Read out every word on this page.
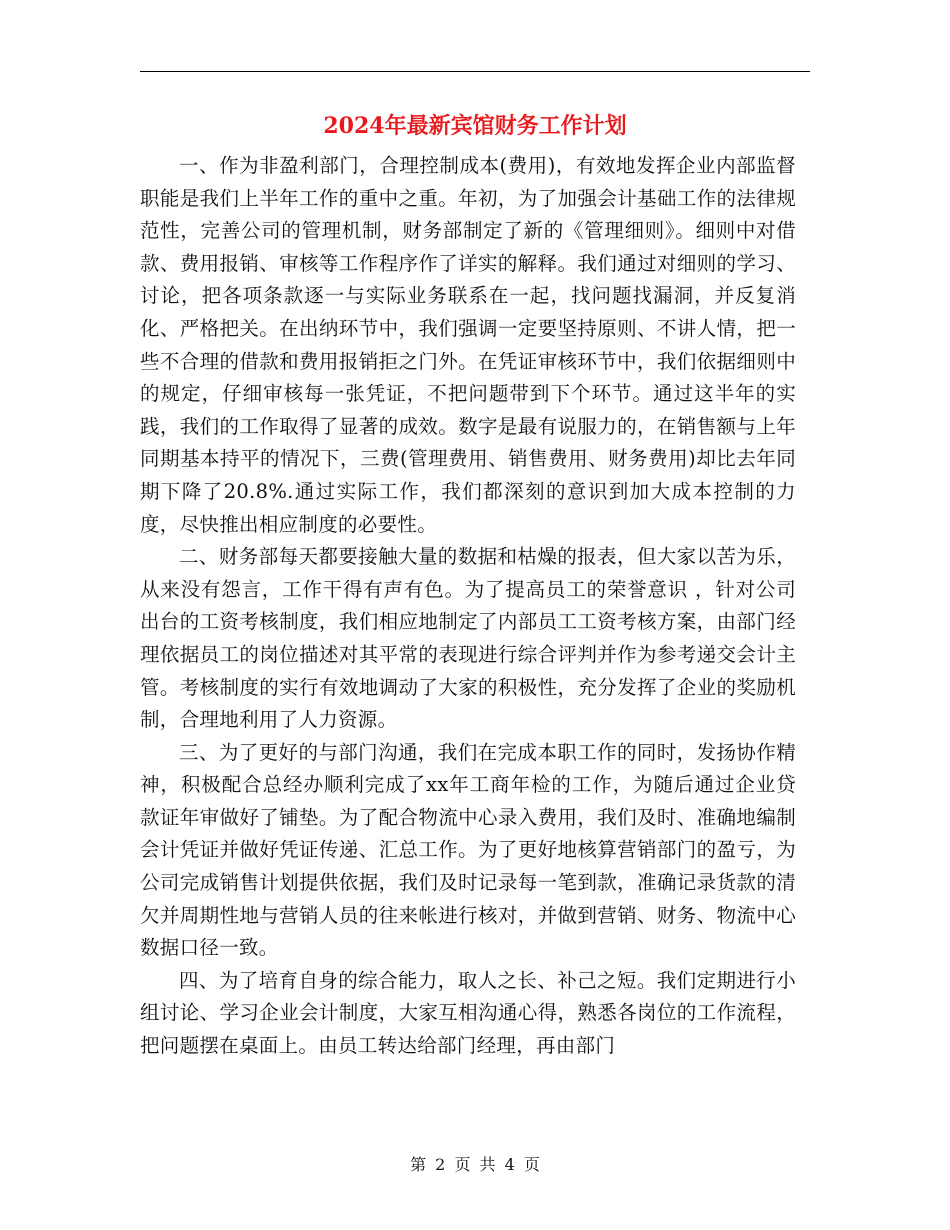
2024年最新宾馆财务工作计划

一、作为非盈利部门，合理控制成本(费用)，有效地发挥企业内部监督职能是我们上半年工作的重中之重。年初，为了加强会计基础工作的法律规范性，完善公司的管理机制，财务部制定了新的《管理细则》。细则中对借款、费用报销、审核等工作程序作了详实的解释。我们通过对细则的学习、讨论，把各项条款逐一与实际业务联系在一起，找问题找漏洞，并反复消化、严格把关。在出纳环节中，我们强调一定要坚持原则、不讲人情，把一些不合理的借款和费用报销拒之门外。在凭证审核环节中，我们依据细则中的规定，仔细审核每一张凭证，不把问题带到下个环节。通过这半年的实践，我们的工作取得了显著的成效。数字是最有说服力的，在销售额与上年同期基本持平的情况下，三费(管理费用、销售费用、财务费用)却比去年同期下降了20.8%.通过实际工作，我们都深刻的意识到加大成本控制的力度，尽快推出相应制度的必要性。

二、财务部每天都要接触大量的数据和枯燥的报表，但大家以苦为乐，从来没有怨言，工作干得有声有色。为了提高员工的荣誉意识 ，针对公司出台的工资考核制度，我们相应地制定了内部员工工资考核方案，由部门经理依据员工的岗位描述对其平常的表现进行综合评判并作为参考递交会计主管。考核制度的实行有效地调动了大家的积极性，充分发挥了企业的奖励机制，合理地利用了人力资源。

三、为了更好的与部门沟通，我们在完成本职工作的同时，发扬协作精神，积极配合总经办顺利完成了xx年工商年检的工作，为随后通过企业贷款证年审做好了铺垫。为了配合物流中心录入费用，我们及时、准确地编制会计凭证并做好凭证传递、汇总工作。为了更好地核算营销部门的盈亏，为公司完成销售计划提供依据，我们及时记录每一笔到款，准确记录货款的清欠并周期性地与营销人员的往来帐进行核对，并做到营销、财务、物流中心数据口径一致。

四、为了培育自身的综合能力，取人之长、补己之短。我们定期进行小组讨论、学习企业会计制度，大家互相沟通心得，熟悉各岗位的工作流程，把问题摆在桌面上。由员工转达给部门经理，再由部门

第 2 页 共 4 页
